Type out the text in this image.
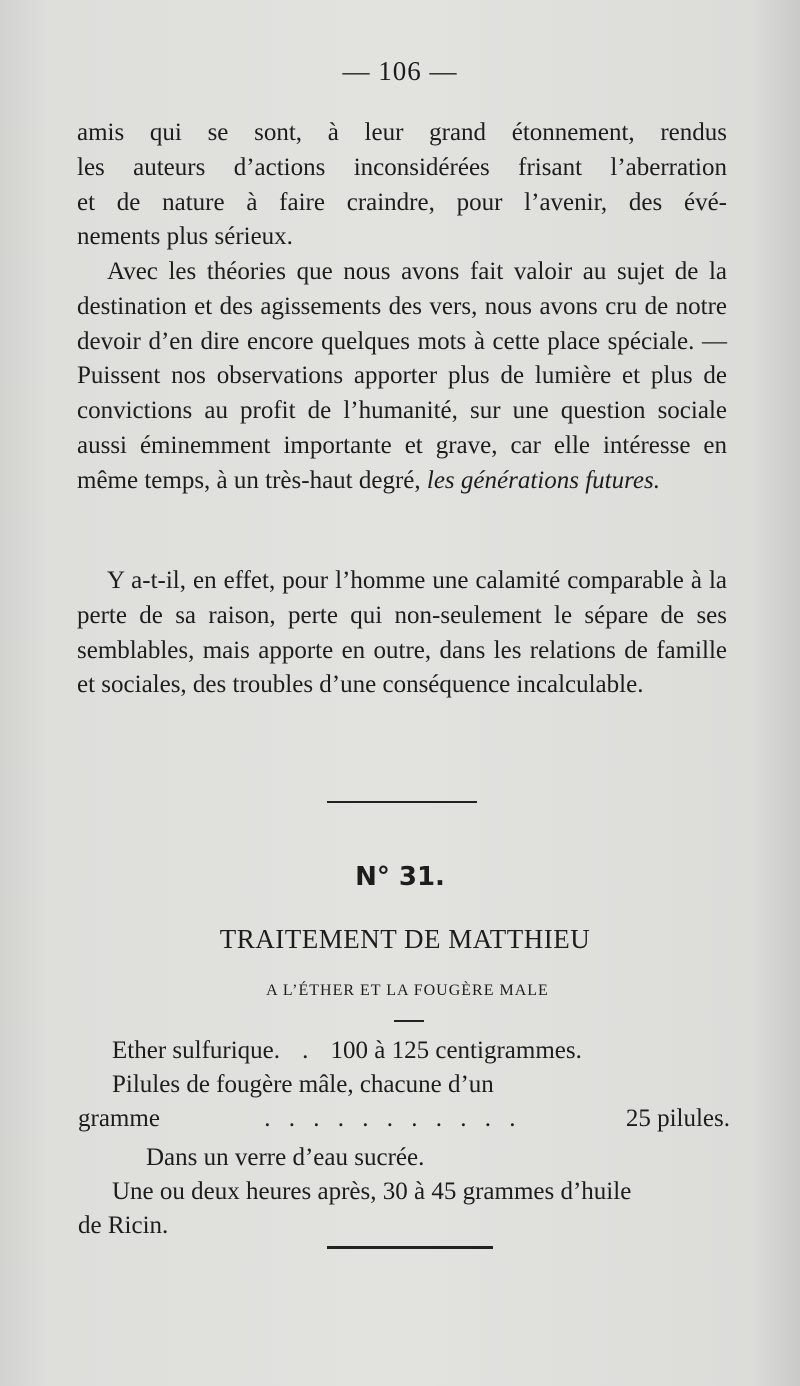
— 106 —
amis qui se sont, à leur grand étonnement, rendus
les auteurs d’actions inconsidérées frisant l’aberration
et de nature à faire craindre, pour l’avenir, des évé-
nements plus sérieux.

Avec les théories que nous avons fait valoir au sujet de la destination et des agissements des vers, nous avons cru de notre devoir d’en dire encore quelques mots à cette place spéciale. — Puissent nos observations apporter plus de lumière et plus de convictions au profit de l’humanité, sur une question sociale aussi éminemment importante et grave, car elle intéresse en même temps, à un très-haut degré, les générations futures.

Y a-t-il, en effet, pour l’homme une calamité comparable à la perte de sa raison, perte qui non-seulement le sépare de ses semblables, mais apporte en outre, dans les relations de famille et sociales, des troubles d’une conséquence incalculable.

N° 31.
TRAITEMENT DE MATTHIEU
A L’ÉTHER ET LA FOUGÈRE MALE
Ether sulfurique. . 100 à 125 centigrammes.
Pilules de fougère mâle, chacune d’un
gramme	. . . . . . . . . . .	25 pilules.
Dans un verre d’eau sucrée.
Une ou deux heures après, 30 à 45 grammes d’huile
de Ricin.
